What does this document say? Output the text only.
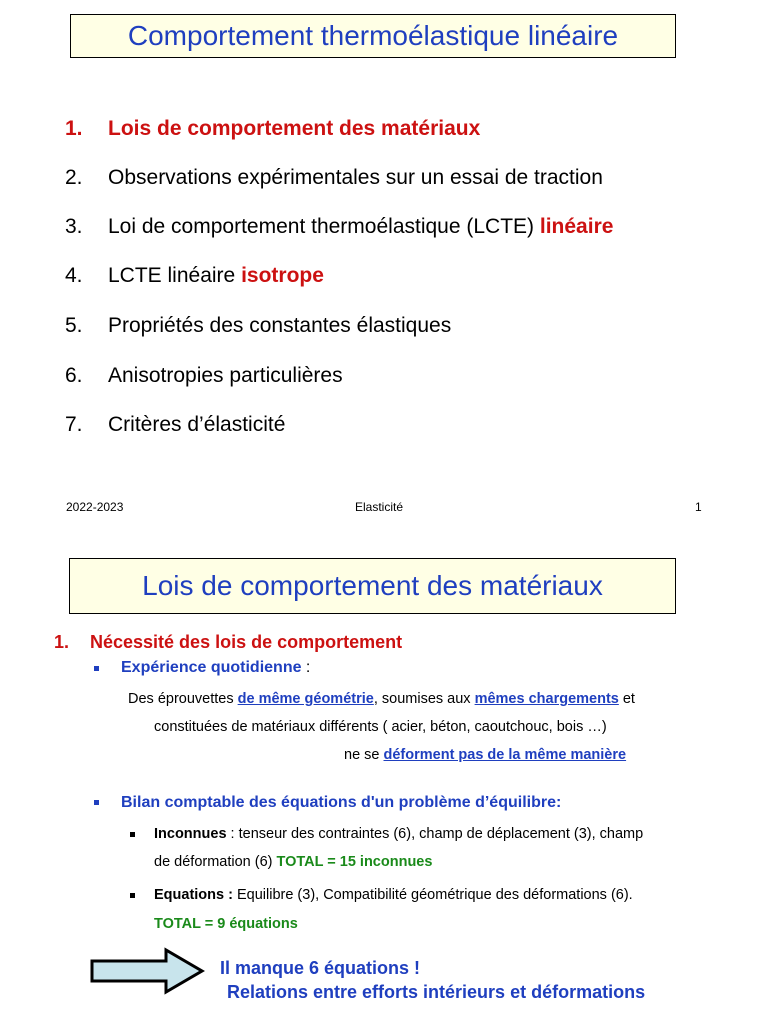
Comportement thermoélastique linéaire
1. Lois de comportement des matériaux
2. Observations expérimentales sur un essai de traction
3. Loi de comportement thermoélastique (LCTE) linéaire
4. LCTE linéaire isotrope
5. Propriétés des constantes élastiques
6. Anisotropies particulières
7. Critères d’élasticité
2022-2023	Elasticité	1
Lois de comportement des matériaux
1. Nécessité des lois de comportement
Expérience quotidienne :
Des éprouvettes de même géométrie, soumises aux mêmes chargements et
constituées de matériaux différents ( acier, béton, caoutchouc, bois …)
ne se déforment pas de la même manière
Bilan comptable des équations d'un problème d’équilibre:
Inconnues : tenseur des contraintes (6), champ de déplacement (3), champ
de déformation (6) TOTAL = 15 inconnues
Equations : Equilibre (3), Compatibilité géométrique des déformations (6).
TOTAL = 9 équations
Il manque 6 équations !
Relations entre efforts intérieurs et déformations
